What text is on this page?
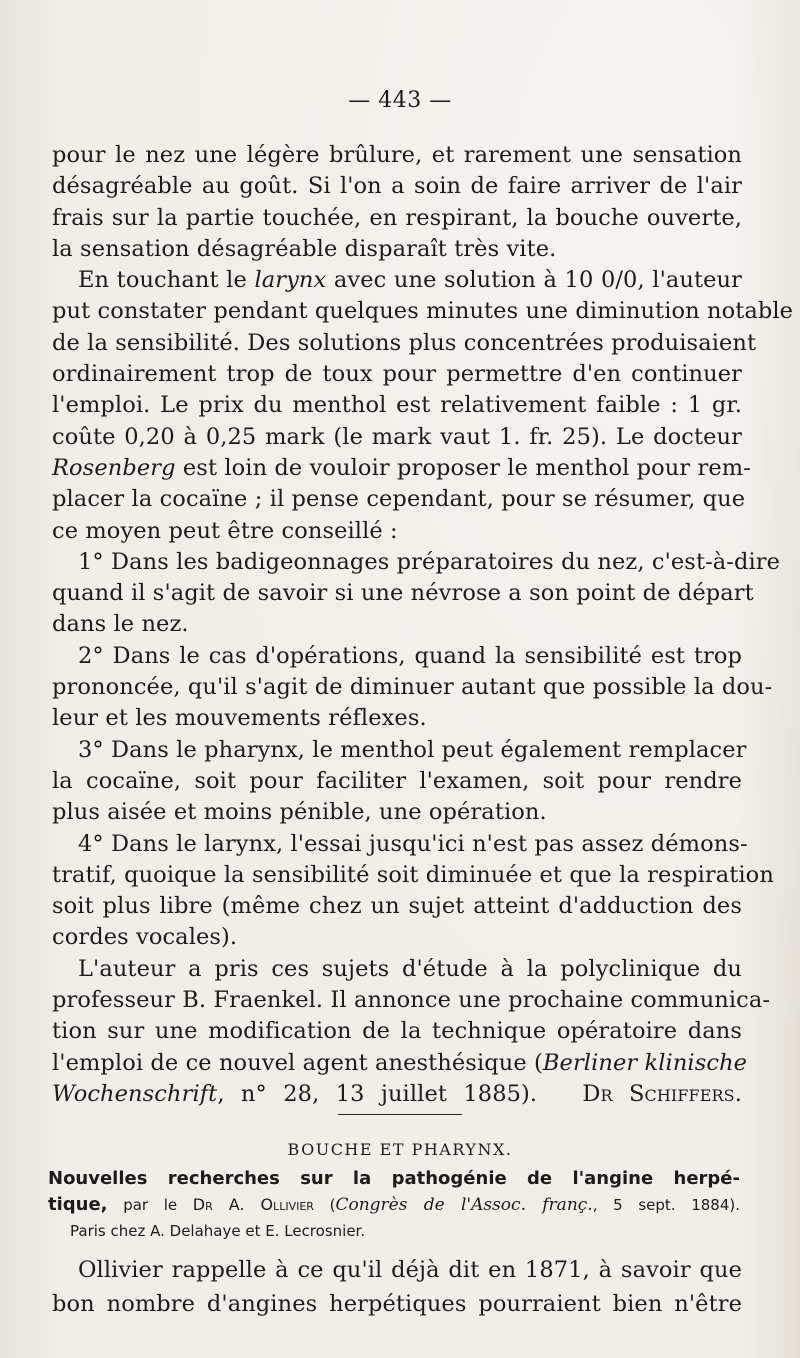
— 443 —
pour le nez une légère brûlure, et rarement une sensation
désagréable au goût. Si l'on a soin de faire arriver de l'air
frais sur la partie touchée, en respirant, la bouche ouverte,
la sensation désagréable disparaît très vite.
En touchant le larynx avec une solution à 10 0/0, l'auteur
put constater pendant quelques minutes une diminution notable
de la sensibilité. Des solutions plus concentrées produisaient
ordinairement trop de toux pour permettre d'en continuer
l'emploi. Le prix du menthol est relativement faible : 1 gr.
coûte 0,20 à 0,25 mark (le mark vaut 1. fr. 25). Le docteur
Rosenberg est loin de vouloir proposer le menthol pour rem-
placer la cocaïne ; il pense cependant, pour se résumer, que
ce moyen peut être conseillé :
1° Dans les badigeonnages préparatoires du nez, c'est-à-dire
quand il s'agit de savoir si une névrose a son point de départ
dans le nez.
2° Dans le cas d'opérations, quand la sensibilité est trop
prononcée, qu'il s'agit de diminuer autant que possible la dou-
leur et les mouvements réflexes.
3° Dans le pharynx, le menthol peut également remplacer
la cocaïne, soit pour faciliter l'examen, soit pour rendre
plus aisée et moins pénible, une opération.
4° Dans le larynx, l'essai jusqu'ici n'est pas assez démons-
tratif, quoique la sensibilité soit diminuée et que la respiration
soit plus libre (même chez un sujet atteint d'adduction des
cordes vocales).
L'auteur a pris ces sujets d'étude à la polyclinique du
professeur B. Fraenkel. Il annonce une prochaine communica-
tion sur une modification de la technique opératoire dans
l'emploi de ce nouvel agent anesthésique (Berliner klinische
Wochenschrift, n° 28, 13 juillet 1885).   Dr Schiffers.
BOUCHE ET PHARYNX.
Nouvelles recherches sur la pathogénie de l'angine herpé-
tique, par le Dr A. Ollivier (Congrès de l'Assoc. franç., 5 sept. 1884).
Paris chez A. Delahaye et E. Lecrosnier.
Ollivier rappelle à ce qu'il déjà dit en 1871, à savoir que
bon nombre d'angines herpétiques pourraient bien n'être
